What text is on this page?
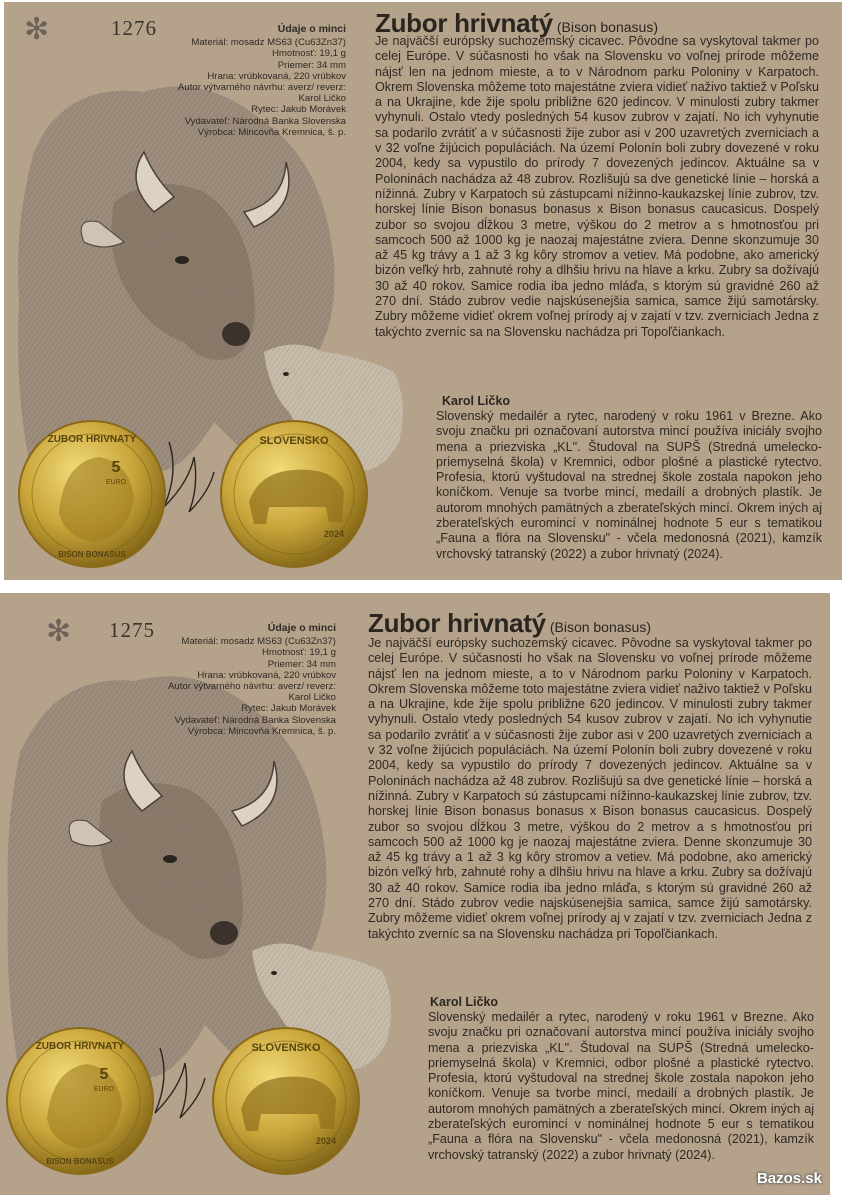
ZUBOR HRIVNATÝ
5
EURO
BISON BONASUS
SLOVENSKO
2024
✻	1276	Údaje o minci
Materiál: mosadz MS63 (Cu63Zn37)
Hmotnosť: 19,1 g
Priemer: 34 mm
Hrana: vrúbkovaná, 220 vrúbkov
Autor výtvarného návrhu: averz/ reverz: Karol Ličko
Rytec: Jakub Morávek
Vydavateľ: Národná Banka Slovenska
Výrobca: Mincovňa Kremnica, š. p.
Zubor hrivnatý (Bison bonasus)
Je najväčší európsky suchozemský cicavec. Pôvodne sa vyskytoval takmer po celej Európe. V súčasnosti ho však na Slovensku vo voľnej prírode môžeme nájsť len na jednom mieste, a to v Národnom parku Poloniny v Karpatoch. Okrem Slovenska môžeme toto majestátne zviera vidieť naživo taktiež v Poľsku a na Ukrajine, kde žije spolu približne 620 jedincov. V minulosti zubry takmer vyhynuli. Ostalo vtedy posledných 54 kusov zubrov v zajatí. No ich vyhynutie sa podarilo zvrátiť a v súčasnosti žije zubor asi v 200 uzavretých zverniciach a v 32 voľne žijúcich populáciách. Na území Polonín boli zubry dovezené v roku 2004, kedy sa vypustilo do prírody 7 dovezených jedincov. Aktuálne sa v Poloninách nachádza až 48 zubrov. Rozlišujú sa dve genetické línie – horská a nížinná. Zubry v Karpatoch sú zástupcami nížinno-kaukazskej línie zubrov, tzv. horskej línie Bison bonasus bonasus x Bison bonasus caucasicus. Dospelý zubor so svojou dĺžkou 3 metre, výškou do 2 metrov a s hmotnosťou pri samcoch 500 až 1000 kg je naozaj majestátne zviera. Denne skonzumuje 30 až 45 kg trávy a 1 až 3 kg kôry stromov a vetiev. Má podobne, ako americký bizón veľký hrb, zahnuté rohy a dlhšiu hrivu na hlave a krku. Zubry sa dožívajú 30 až 40 rokov. Samice rodia iba jedno mláďa, s ktorým sú gravidné 260 až 270 dní. Stádo zubrov vedie najskúsenejšia samica, samce žijú samotársky. Zubry môžeme vidieť okrem voľnej prírody aj v zajatí v tzv. zverniciach Jedna z takýchto zverníc sa na Slovensku nachádza pri Topoľčiankach.
Karol Ličko
Slovenský medailér a rytec, narodený v roku 1961 v Brezne. Ako svoju značku pri označovaní autorstva mincí používa iniciály svojho mena a priezviska „KL". Študoval na SUPŠ (Stredná umelecko-priemyselná škola) v Kremnici, odbor plošné a plastické rytectvo. Profesia, ktorú vyštudoval na strednej škole zostala napokon jeho koníčkom. Venuje sa tvorbe mincí, medailí a drobných plastík. Je autorom mnohých pamätných a zberateľských mincí. Okrem iných aj zberateľských euromincí v nominálnej hodnote 5 eur s tematikou „Fauna a flóra na Slovensku" - včela medonosná (2021), kamzík vrchovský tatranský (2022) a zubor hrivnatý (2024).
ZUBOR HRIVNATÝ
5
EURO
BISON BONASUS
SLOVENSKO
2024
✻ 1275	Údaje o minci
Materiál: mosadz MS63 (Cu63Zn37)
Hmotnosť: 19,1 g
Priemer: 34 mm
Hrana: vrúbkovaná, 220 vrúbkov
Autor výtvarného návrhu: averz/ reverz: Karol Ličko
Rytec: Jakub Morávek
Vydavateľ: Národná Banka Slovenska
Výrobca: Mincovňa Kremnica, š. p.
Zubor hrivnatý (Bison bonasus)
Je najväčší európsky suchozemský cicavec. Pôvodne sa vyskytoval takmer po celej Európe. V súčasnosti ho však na Slovensku vo voľnej prírode môžeme nájsť len na jednom mieste, a to v Národnom parku Poloniny v Karpatoch. Okrem Slovenska môžeme toto majestátne zviera vidieť naživo taktiež v Poľsku a na Ukrajine, kde žije spolu približne 620 jedincov. V minulosti zubry takmer vyhynuli. Ostalo vtedy posledných 54 kusov zubrov v zajatí. No ich vyhynutie sa podarilo zvrátiť a v súčasnosti žije zubor asi v 200 uzavretých zverniciach a v 32 voľne žijúcich populáciách. Na území Polonín boli zubry dovezené v roku 2004, kedy sa vypustilo do prírody 7 dovezených jedincov. Aktuálne sa v Poloninách nachádza až 48 zubrov. Rozlišujú sa dve genetické línie – horská a nížinná. Zubry v Karpatoch sú zástupcami nížinno-kaukazskej línie zubrov, tzv. horskej línie Bison bonasus bonasus x Bison bonasus caucasicus. Dospelý zubor so svojou dĺžkou 3 metre, výškou do 2 metrov a s hmotnosťou pri samcoch 500 až 1000 kg je naozaj majestátne zviera. Denne skonzumuje 30 až 45 kg trávy a 1 až 3 kg kôry stromov a vetiev. Má podobne, ako americký bizón veľký hrb, zahnuté rohy a dlhšiu hrivu na hlave a krku. Zubry sa dožívajú 30 až 40 rokov. Samice rodia iba jedno mláďa, s ktorým sú gravidné 260 až 270 dní. Stádo zubrov vedie najskúsenejšia samica, samce žijú samotársky. Zubry môžeme vidieť okrem voľnej prírody aj v zajatí v tzv. zverniciach Jedna z takýchto zverníc sa na Slovensku nachádza pri Topoľčiankach.
Karol Ličko
Slovenský medailér a rytec, narodený v roku 1961 v Brezne. Ako svoju značku pri označovaní autorstva mincí používa iniciály svojho mena a priezviska „KL". Študoval na SUPŠ (Stredná umelecko-priemyselná škola) v Kremnici, odbor plošné a plastické rytectvo. Profesia, ktorú vyštudoval na strednej škole zostala napokon jeho koníčkom. Venuje sa tvorbe mincí, medailí a drobných plastík. Je autorom mnohých pamätných a zberateľských mincí. Okrem iných aj zberateľských euromincí v nominálnej hodnote 5 eur s tematikou „Fauna a flóra na Slovensku" - včela medonosná (2021), kamzík vrchovský tatranský (2022) a zubor hrivnatý (2024).
Bazos.sk
